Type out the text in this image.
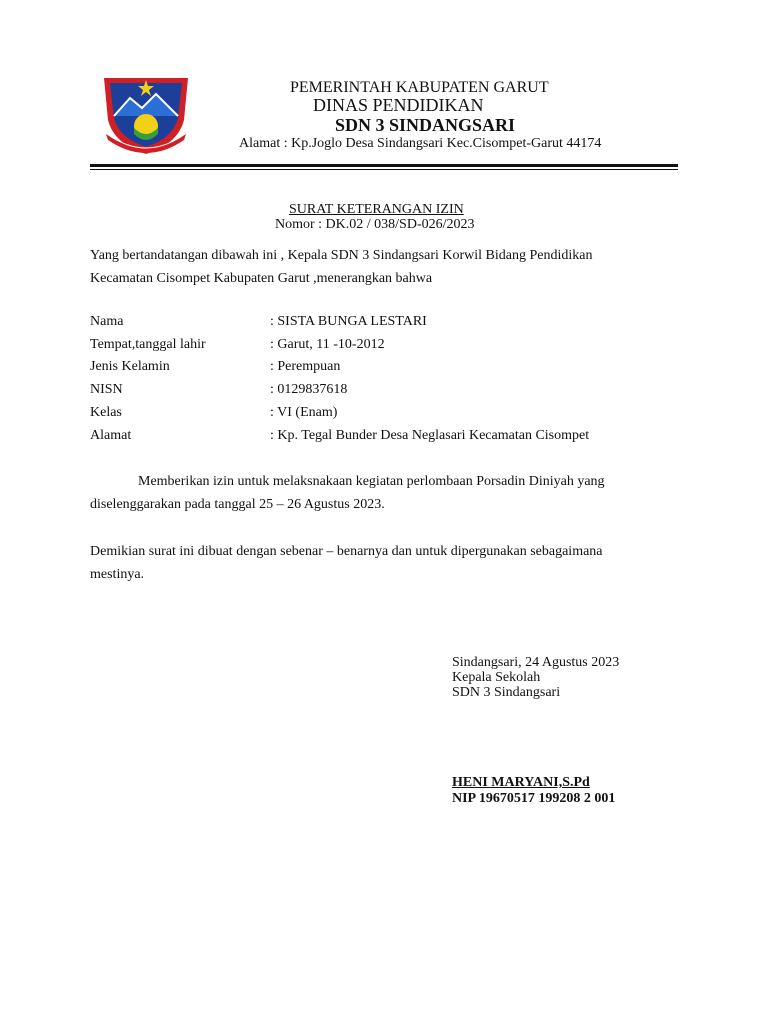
PEMERINTAH KABUPATEN GARUT
DINAS PENDIDIKAN
SDN 3 SINDANGSARI
Alamat : Kp.Joglo Desa Sindangsari Kec.Cisompet-Garut 44174
SURAT KETERANGAN IZIN
Nomor : DK.02 / 038/SD-026/2023
Yang bertandatangan dibawah ini , Kepala SDN 3 Sindangsari Korwil Bidang Pendidikan
Kecamatan Cisompet Kabupaten Garut ,menerangkan bahwa
Nama	: SISTA BUNGA LESTARI
Tempat,tanggal lahir	: Garut, 11 -10-2012
Jenis Kelamin	: Perempuan
NISN	: 0129837618
Kelas	: VI (Enam)
Alamat	: Kp. Tegal Bunder Desa Neglasari Kecamatan Cisompet
Memberikan izin untuk melaksnakaan kegiatan perlombaan Porsadin Diniyah yang
diselenggarakan pada tanggal 25 – 26 Agustus 2023.
Demikian surat ini dibuat dengan sebenar – benarnya dan untuk dipergunakan sebagaimana
mestinya.
Sindangsari, 24 Agustus 2023
Kepala Sekolah
SDN 3 Sindangsari
HENI MARYANI,S.Pd
NIP 19670517 199208 2 001
